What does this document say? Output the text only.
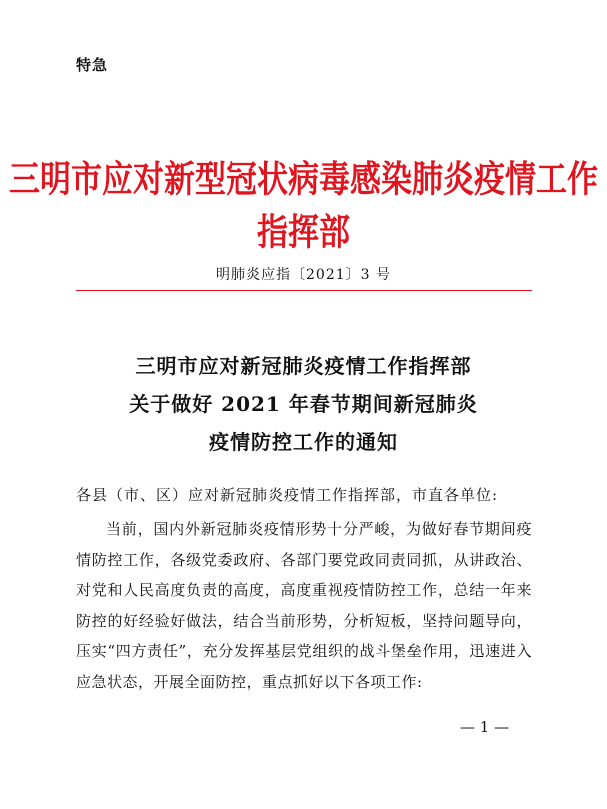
特急
三明市应对新型冠状病毒感染肺炎疫情工作指挥部
明肺炎应指〔2021〕3 号
三明市应对新冠肺炎疫情工作指挥部
关于做好 2021 年春节期间新冠肺炎
疫情防控工作的通知
各县（市、区）应对新冠肺炎疫情工作指挥部，市直各单位:
当前，国内外新冠肺炎疫情形势十分严峻，为做好春节期间疫情防控工作，各级党委政府、各部门要党政同责同抓，从讲政治、对党和人民高度负责的高度，高度重视疫情防控工作，总结一年来防控的好经验好做法，结合当前形势，分析短板，坚持问题导向，压实“四方责任”，充分发挥基层党组织的战斗堡垒作用，迅速进入应急状态，开展全面防控，重点抓好以下各项工作:
— 1 —
